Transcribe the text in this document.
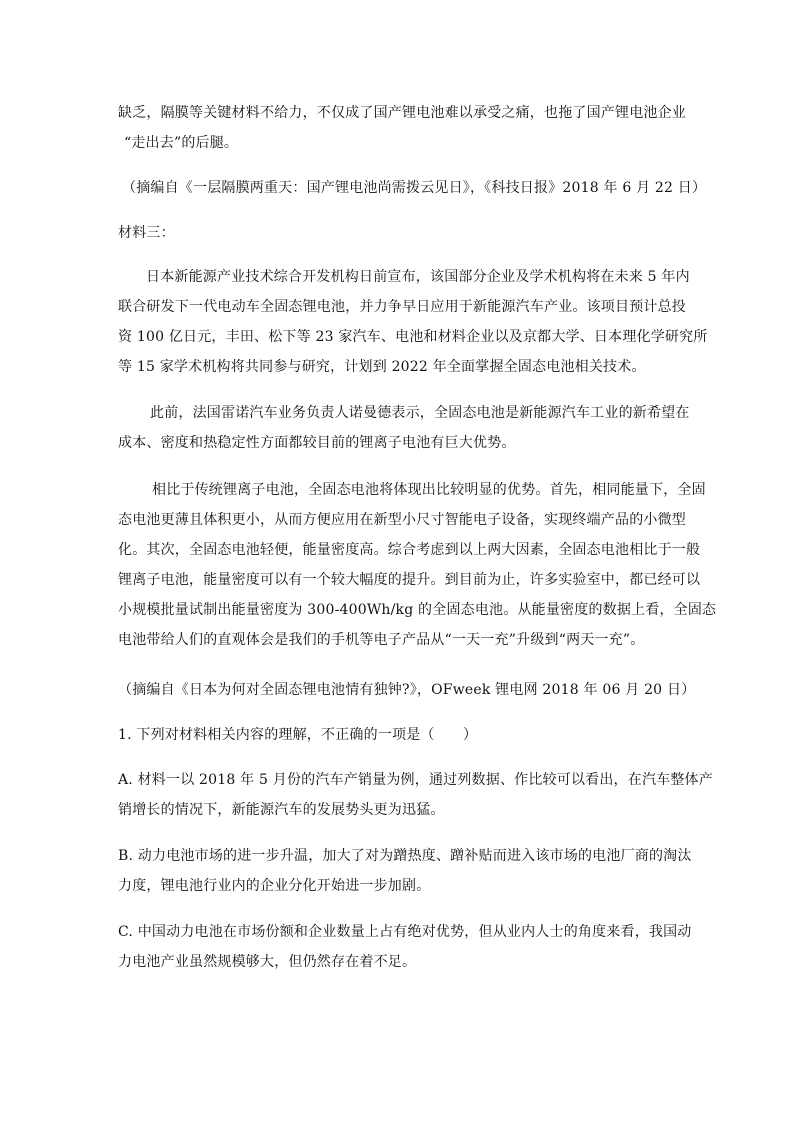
缺乏，隔膜等关键材料不给力，不仅成了国产锂电池难以承受之痛，也拖了国产锂电池企业
“走出去”的后腿。

（摘编自《一层隔膜两重天：国产锂电池尚需拨云见日》，《科技日报》2018 年 6 月 22 日）

材料三：

日本新能源产业技术综合开发机构日前宣布，该国部分企业及学术机构将在未来 5 年内
联合研发下一代电动车全固态锂电池，并力争早日应用于新能源汽车产业。该项目预计总投
资 100 亿日元，丰田、松下等 23 家汽车、电池和材料企业以及京都大学、日本理化学研究所
等 15 家学术机构将共同参与研究，计划到 2022 年全面掌握全固态电池相关技术。

此前，法国雷诺汽车业务负责人诺曼德表示，全固态电池是新能源汽车工业的新希望在
成本、密度和热稳定性方面都较目前的锂离子电池有巨大优势。

相比于传统锂离子电池，全固态电池将体现出比较明显的优势。首先，相同能量下，全固
态电池更薄且体积更小，从而方便应用在新型小尺寸智能电子设备，实现终端产品的小微型
化。其次，全固态电池轻便，能量密度高。综合考虑到以上两大因素，全固态电池相比于一般
锂离子电池，能量密度可以有一个较大幅度的提升。到目前为止，许多实验室中，都已经可以
小规模批量试制出能量密度为 300-400Wh/kg 的全固态电池。从能量密度的数据上看，全固态
电池带给人们的直观体会是我们的手机等电子产品从“一天一充”升级到“两天一充”。

（摘编自《日本为何对全固态锂电池情有独钟?》，OFweek 锂电网 2018 年 06 月 20 日）

1. 下列对材料相关内容的理解，不正确的一项是（　　）

A. 材料一以 2018 年 5 月份的汽车产销量为例，通过列数据、作比较可以看出，在汽车整体产
销增长的情况下，新能源汽车的发展势头更为迅猛。

B. 动力电池市场的进一步升温，加大了对为蹭热度、蹭补贴而进入该市场的电池厂商的淘汰
力度，锂电池行业内的企业分化开始进一步加剧。

C. 中国动力电池在市场份额和企业数量上占有绝对优势，但从业内人士的角度来看，我国动
力电池产业虽然规模够大，但仍然存在着不足。
